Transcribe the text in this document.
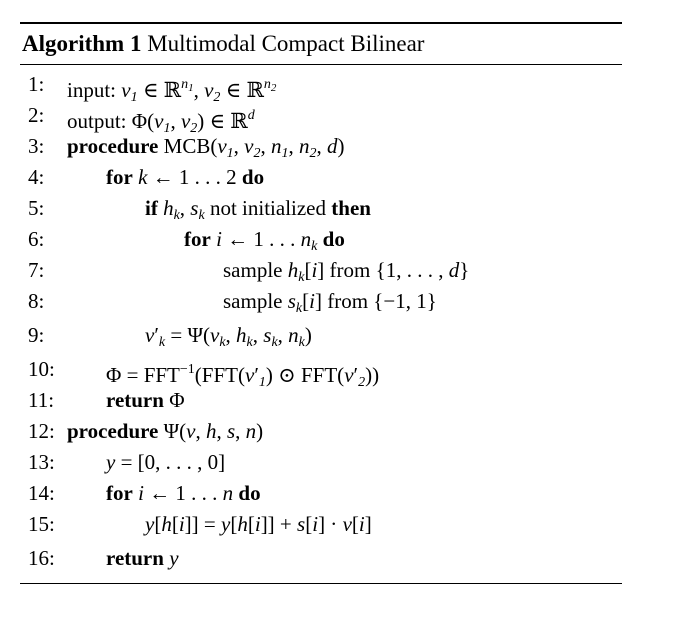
Algorithm 1 Multimodal Compact Bilinear
1: input: $v_1$ ∈ ℝ$^{n_1}$, $v_2$ ∈ ℝ$^{n_2}$
2: output: $\Phi(v_1$, $v_2$) ∈ ℝ$^d$
3: procedure $MCB(v_1$, $v_2$, $n_1$, $n_2$, d)
4:	for k ← 1 . . . 2 do
5:	if $h_k$, $s_k$ not initialized then
6:	for i ← 1 . . . $n_k$ do
7:	sample $h_k[i]$ from {1, . . . , d}
8:	sample $s_k[i]$ from {−1, 1}
9:	$v'_k = \Psi(v_k$, $h_k$, $s_k$, $n_k$)
10: $\Phi = FFT^{-1}(FFT(v'_1)$ ⊙ $FFT(v'_2)$)
11: return Φ
12: procedure Ψ(v, h, s, n)
13: y = [0, . . . , 0]
14: for i ← 1 . . . n do
15:	y[h[i]] = y[h[i]] + s[i] · v[i]
16: return y
